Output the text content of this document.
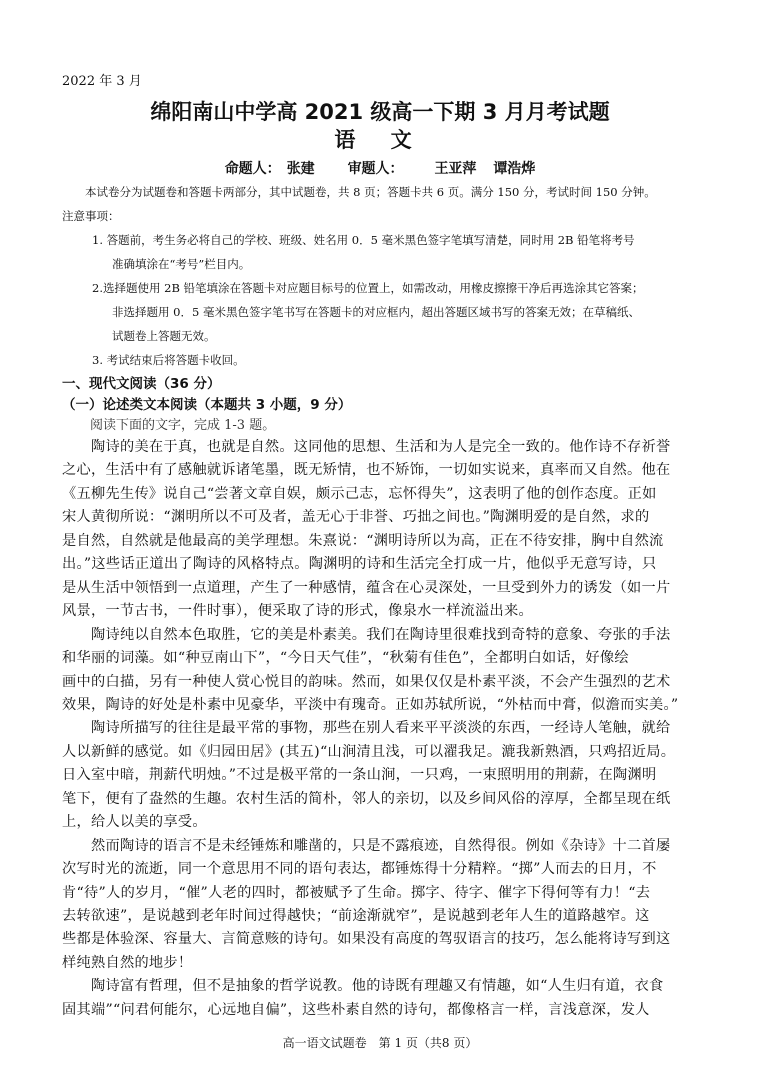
2022 年 3 月
绵阳南山中学高 2021 级高一下期 3 月月考试题
语 文
命题人： 张建 审题人： 王亚萍 谭浩烨
本试卷分为试题卷和答题卡两部分，其中试题卷，共 8 页；答题卡共 6 页。满分 150 分，考试时间 150 分钟。
注意事项：
1. 答题前，考生务必将自己的学校、班级、姓名用 0．5 毫米黑色签字笔填写清楚，同时用 2B 铅笔将考号
准确填涂在“考号”栏目内。
2.选择题使用 2B 铅笔填涂在答题卡对应题目标号的位置上，如需改动，用橡皮擦擦干净后再选涂其它答案；
非选择题用 0．5 毫米黑色签字笔书写在答题卡的对应框内，超出答题区域书写的答案无效；在草稿纸、
试题卷上答题无效。
3. 考试结束后将答题卡收回。
一、现代文阅读（36 分）
（一）论述类文本阅读（本题共 3 小题，9 分）
阅读下面的文字，完成 1-3 题。
　　陶诗的美在于真，也就是自然。这同他的思想、生活和为人是完全一致的。他作诗不存祈誉
之心，生活中有了感触就诉诸笔墨，既无矫情，也不矫饰，一切如实说来，真率而又自然。他在
《五柳先生传》说自己“尝著文章自娱，颇示己志，忘怀得失”，这表明了他的创作态度。正如
宋人黄彻所说：“渊明所以不可及者，盖无心于非誉、巧拙之间也。”陶渊明爱的是自然，求的
是自然，自然就是他最高的美学理想。朱熹说：“渊明诗所以为高，正在不待安排，胸中自然流
出。”这些话正道出了陶诗的风格特点。陶渊明的诗和生活完全打成一片，他似乎无意写诗，只
是从生活中领悟到一点道理，产生了一种感情，蕴含在心灵深处，一旦受到外力的诱发（如一片
风景，一节古书，一件时事），便采取了诗的形式，像泉水一样流溢出来。
　　陶诗纯以自然本色取胜，它的美是朴素美。我们在陶诗里很难找到奇特的意象、夸张的手法
和华丽的词藻。如“种豆南山下”，“今日天气佳”，“秋菊有佳色”，全都明白如话，好像绘
画中的白描，另有一种使人赏心悦目的韵味。然而，如果仅仅是朴素平淡，不会产生强烈的艺术
效果，陶诗的好处是朴素中见豪华，平淡中有瑰奇。正如苏轼所说，“外枯而中膏，似澹而实美。”
　　陶诗所描写的往往是最平常的事物，那些在别人看来平平淡淡的东西，一经诗人笔触，就给
人以新鲜的感觉。如《归园田居》(其五)“山涧清且浅，可以濯我足。漉我新熟酒，只鸡招近局。
日入室中暗，荆薪代明烛。”不过是极平常的一条山涧，一只鸡，一束照明用的荆薪，在陶渊明
笔下，便有了盎然的生趣。农村生活的简朴，邻人的亲切，以及乡间风俗的淳厚，全都呈现在纸
上，给人以美的享受。
　　然而陶诗的语言不是未经锤炼和雕凿的，只是不露痕迹，自然得很。例如《杂诗》十二首屡
次写时光的流逝，同一个意思用不同的语句表达，都锤炼得十分精粹。“掷”人而去的日月，不
肯“待”人的岁月，“催”人老的四时，都被赋予了生命。掷字、待字、催字下得何等有力！“去
去转欲速”，是说越到老年时间过得越快；“前途渐就窄”，是说越到老年人生的道路越窄。这
些都是体验深、容量大、言简意赅的诗句。如果没有高度的驾驭语言的技巧，怎么能将诗写到这
样纯熟自然的地步！
　　陶诗富有哲理，但不是抽象的哲学说教。他的诗既有理趣又有情趣，如“人生归有道，衣食
固其端”“问君何能尔，心远地自偏”，这些朴素自然的诗句，都像格言一样，言浅意深，发人
高一语文试题卷　第 1 页（共8 页）
